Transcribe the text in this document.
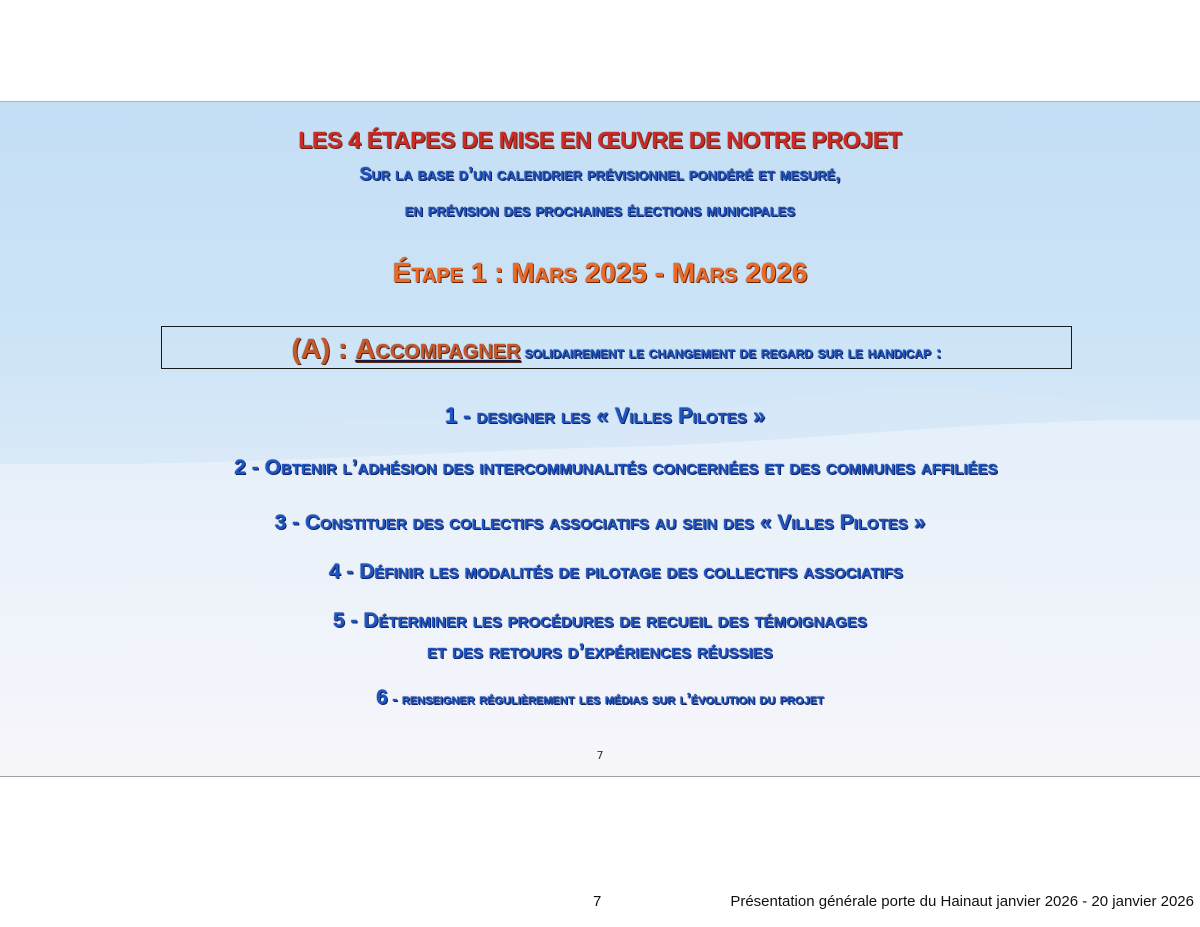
LES 4 ÉTAPES DE MISE EN ŒUVRE DE NOTRE PROJET
Sur la base d’un calendrier prévisionnel pondéré et mesuré,
en prévision des prochaines élections municipales
Étape 1 : Mars 2025 - Mars 2026
(A) : Accompagner solidairement le changement de regard sur le handicap :
1 - designer les « Villes Pilotes »
2 - Obtenir l’adhésion des intercommunalités concernées et des communes affiliées
3 - Constituer des collectifs associatifs au sein des « Villes Pilotes »
4 - Définir les modalités de pilotage des collectifs associatifs
5 - Déterminer les procédures de recueil des témoignages
et des retours d’expériences réussies
6 - renseigner régulièrement les médias sur l’évolution du projet
7
7	Présentation générale porte du Hainaut janvier 2026 - 20 janvier 2026
